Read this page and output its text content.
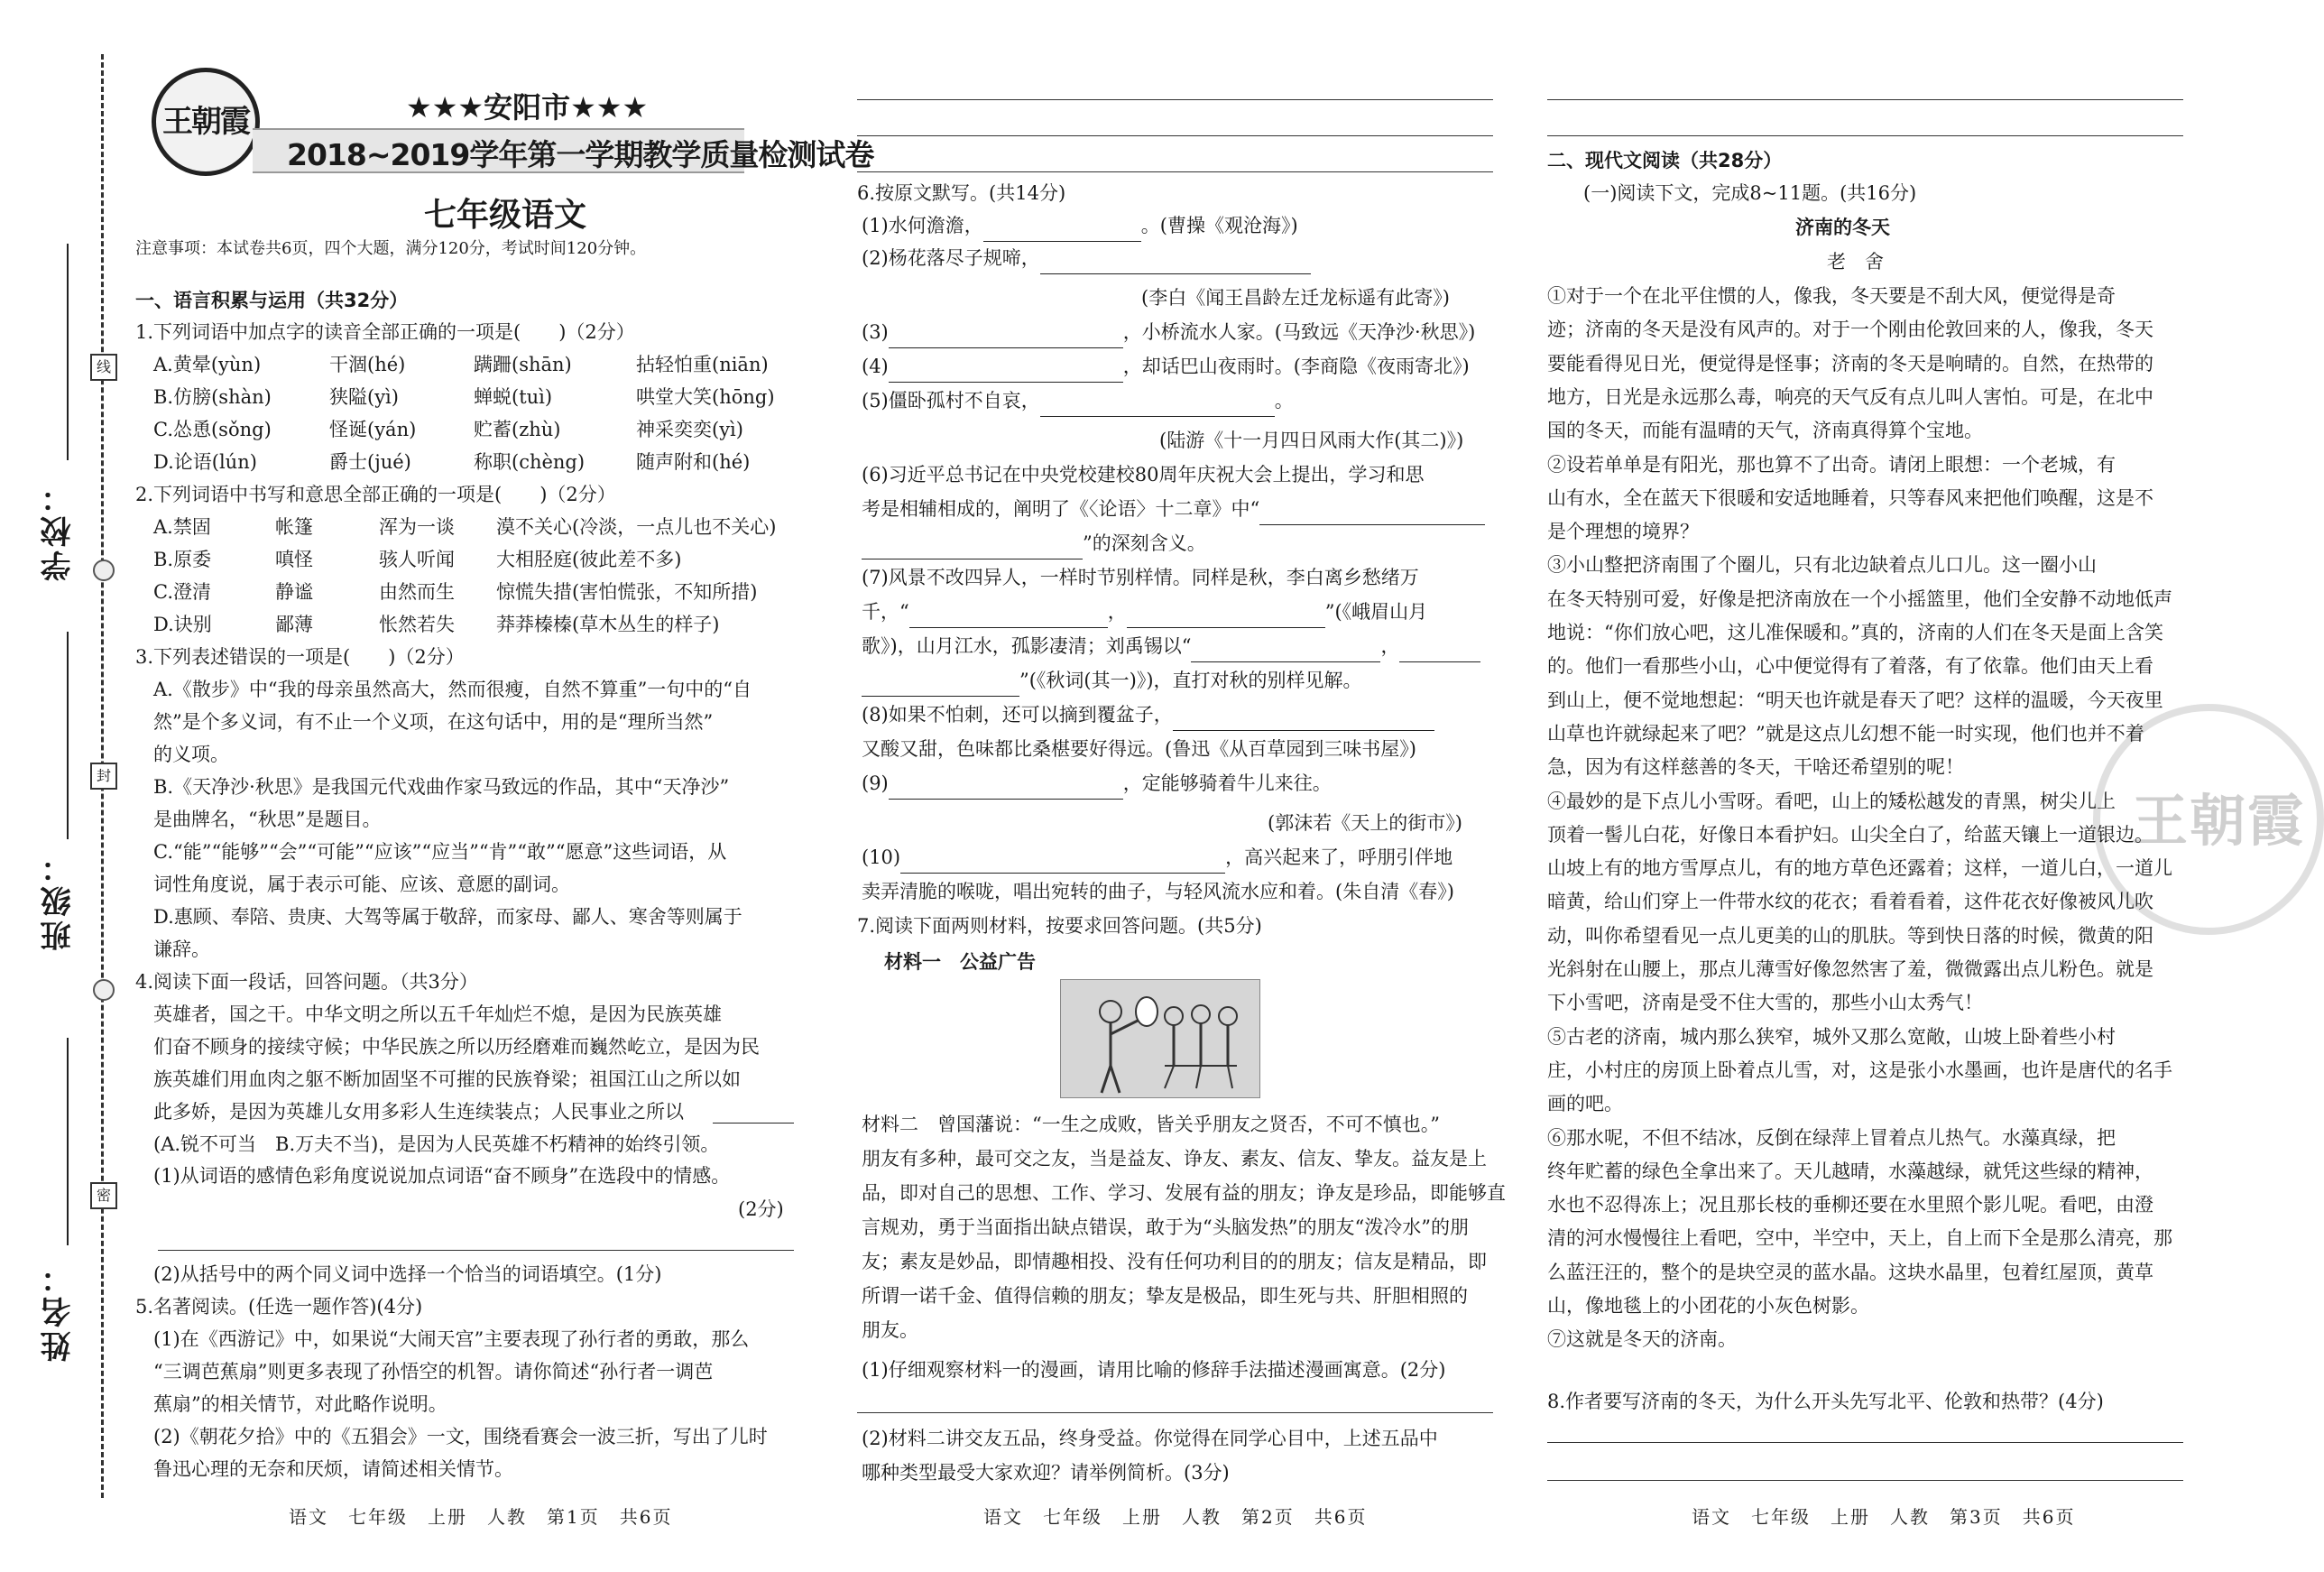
线
封
密
学校：
班级：
姓名：
王朝霞	★★★安阳市★★★
2018~2019学年第一学期教学质量检测试卷
七年级语文
注意事项：本试卷共6页，四个大题，满分120分，考试时间120分钟。
一、语言积累与运用（共32分）
1.下列词语中加点字的读音全部正确的一项是(　　)（2分）
A.黄晕(yùn)	干涸(hé)	蹒跚(shān)	拈轻怕重(niān)
B.仿膀(shàn)	狭隘(yì)	蝉蜕(tuì)	哄堂大笑(hōng)
C.怂恿(sǒng)	怪诞(yán)	贮蓄(zhù)	神采奕奕(yì)
D.论语(lún)	爵士(jué)	称职(chèng)	随声附和(hé)
2.下列词语中书写和意思全部正确的一项是(　　)（2分）
A.禁固	帐篷	浑为一谈 漠不关心(冷淡，一点儿也不关心)
B.原委	嗔怪	骇人听闻 大相胫庭(彼此差不多)
C.澄清	静谧	由然而生 惊慌失措(害怕慌张，不知所措)
D.诀别	鄙薄	怅然若失 莽莽榛榛(草木丛生的样子)
3.下列表述错误的一项是(　　)（2分）
A.《散步》中“我的母亲虽然高大，然而很瘦，自然不算重”一句中的“自
然”是个多义词，有不止一个义项，在这句话中，用的是“理所当然”
的义项。
B.《天净沙·秋思》是我国元代戏曲作家马致远的作品，其中“天净沙”
是曲牌名，“秋思”是题目。
C.“能”“能够”“会”“可能”“应该”“应当”“肯”“敢”“愿意”这些词语，从
词性角度说，属于表示可能、应该、意愿的副词。
D.惠顾、奉陪、贵庚、大驾等属于敬辞，而家母、鄙人、寒舍等则属于
谦辞。
4.阅读下面一段话，回答问题。（共3分）
英雄者，国之干。中华文明之所以五千年灿烂不熄，是因为民族英雄
们奋不顾身的接续守候；中华民族之所以历经磨难而巍然屹立，是因为民
族英雄们用血肉之躯不断加固坚不可摧的民族脊梁；祖国江山之所以如
此多娇，是因为英雄儿女用多彩人生连续装点；人民事业之所以
(A.锐不可当　B.万夫不当)，是因为人民英雄不朽精神的始终引领。
(1)从词语的感情色彩角度说说加点词语“奋不顾身”在选段中的情感。
(2分)
(2)从括号中的两个同义词中选择一个恰当的词语填空。(1分)
5.名著阅读。(任选一题作答)(4分)
(1)在《西游记》中，如果说“大闹天宫”主要表现了孙行者的勇敢，那么
“三调芭蕉扇”则更多表现了孙悟空的机智。请你简述“孙行者一调芭
蕉扇”的相关情节，对此略作说明。
(2)《朝花夕拾》中的《五猖会》一文，围绕看赛会一波三折，写出了儿时
鲁迅心理的无奈和厌烦，请简述相关情节。
语文　七年级　上册　人教　第1页　共6页
6.按原文默写。(共14分)
(1)水何澹澹，	。(曹操《观沧海》)
(2)杨花落尽子规啼，
(李白《闻王昌龄左迁龙标遥有此寄》)
(3)	，小桥流水人家。(马致远《天净沙·秋思》)
(4)	，却话巴山夜雨时。(李商隐《夜雨寄北》)
(5)僵卧孤村不自哀，	。
(陆游《十一月四日风雨大作(其二)》)
(6)习近平总书记在中央党校建校80周年庆祝大会上提出，学习和思
考是相辅相成的，阐明了《〈论语〉十二章》中“
”的深刻含义。
(7)风景不改四异人，一样时节别样情。同样是秋，李白离乡愁绪万
千，“	，	”(《峨眉山月
歌》)，山月江水，孤影凄清；刘禹锡以“	，
”(《秋词(其一)》)，直打对秋的别样见解。
(8)如果不怕刺，还可以摘到覆盆子，
又酸又甜，色味都比桑椹要好得远。(鲁迅《从百草园到三味书屋》)
(9)	，定能够骑着牛儿来往。
(郭沫若《天上的街市》)
(10)	，高兴起来了，呼朋引伴地
卖弄清脆的喉咙，唱出宛转的曲子，与轻风流水应和着。(朱自清《春》)
7.阅读下面两则材料，按要求回答问题。(共5分)
材料一　公益广告
材料二　曾国藩说：“一生之成败，皆关乎朋友之贤否，不可不慎也。”
朋友有多种，最可交之友，当是益友、诤友、素友、信友、挚友。益友是上
品，即对自己的思想、工作、学习、发展有益的朋友；诤友是珍品，即能够直
言规劝，勇于当面指出缺点错误，敢于为“头脑发热”的朋友“泼冷水”的朋
友；素友是妙品，即情趣相投、没有任何功利目的的朋友；信友是精品，即
所谓一诺千金、值得信赖的朋友；挚友是极品，即生死与共、肝胆相照的
朋友。
(1)仔细观察材料一的漫画，请用比喻的修辞手法描述漫画寓意。(2分)
(2)材料二讲交友五品，终身受益。你觉得在同学心目中，上述五品中
哪种类型最受大家欢迎？请举例简析。(3分)
语文　七年级　上册　人教　第2页　共6页
二、现代文阅读（共28分）
(一)阅读下文，完成8~11题。(共16分)
济南的冬天
老　舍
王朝霞
①对于一个在北平住惯的人，像我，冬天要是不刮大风，便觉得是奇
迹；济南的冬天是没有风声的。对于一个刚由伦敦回来的人，像我，冬天
要能看得见日光，便觉得是怪事；济南的冬天是响晴的。自然，在热带的
地方，日光是永远那么毒，响亮的天气反有点儿叫人害怕。可是，在北中
国的冬天，而能有温晴的天气，济南真得算个宝地。
②设若单单是有阳光，那也算不了出奇。请闭上眼想：一个老城，有
山有水，全在蓝天下很暖和安适地睡着，只等春风来把他们唤醒，这是不
是个理想的境界？
③小山整把济南围了个圈儿，只有北边缺着点儿口儿。这一圈小山
在冬天特别可爱，好像是把济南放在一个小摇篮里，他们全安静不动地低声
地说：“你们放心吧，这儿准保暖和。”真的，济南的人们在冬天是面上含笑
的。他们一看那些小山，心中便觉得有了着落，有了依靠。他们由天上看
到山上，便不觉地想起：“明天也许就是春天了吧？这样的温暖，今天夜里
山草也许就绿起来了吧？”就是这点儿幻想不能一时实现，他们也并不着
急，因为有这样慈善的冬天，干啥还希望别的呢！
④最妙的是下点儿小雪呀。看吧，山上的矮松越发的青黑，树尖儿上
顶着一髻儿白花，好像日本看护妇。山尖全白了，给蓝天镶上一道银边。
山坡上有的地方雪厚点儿，有的地方草色还露着；这样，一道儿白，一道儿
暗黄，给山们穿上一件带水纹的花衣；看着看着，这件花衣好像被风儿吹
动，叫你希望看见一点儿更美的山的肌肤。等到快日落的时候，微黄的阳
光斜射在山腰上，那点儿薄雪好像忽然害了羞，微微露出点儿粉色。就是
下小雪吧，济南是受不住大雪的，那些小山太秀气！
⑤古老的济南，城内那么狭窄，城外又那么宽敞，山坡上卧着些小村
庄，小村庄的房顶上卧着点儿雪，对，这是张小水墨画，也许是唐代的名手
画的吧。
⑥那水呢，不但不结冰，反倒在绿萍上冒着点儿热气。水藻真绿，把
终年贮蓄的绿色全拿出来了。天儿越晴，水藻越绿，就凭这些绿的精神，
水也不忍得冻上；况且那长枝的垂柳还要在水里照个影儿呢。看吧，由澄
清的河水慢慢往上看吧，空中，半空中，天上，自上而下全是那么清亮，那
么蓝汪汪的，整个的是块空灵的蓝水晶。这块水晶里，包着红屋顶，黄草
山，像地毯上的小团花的小灰色树影。
⑦这就是冬天的济南。
8.作者要写济南的冬天，为什么开头先写北平、伦敦和热带？(4分)
语文　七年级　上册　人教　第3页　共6页
